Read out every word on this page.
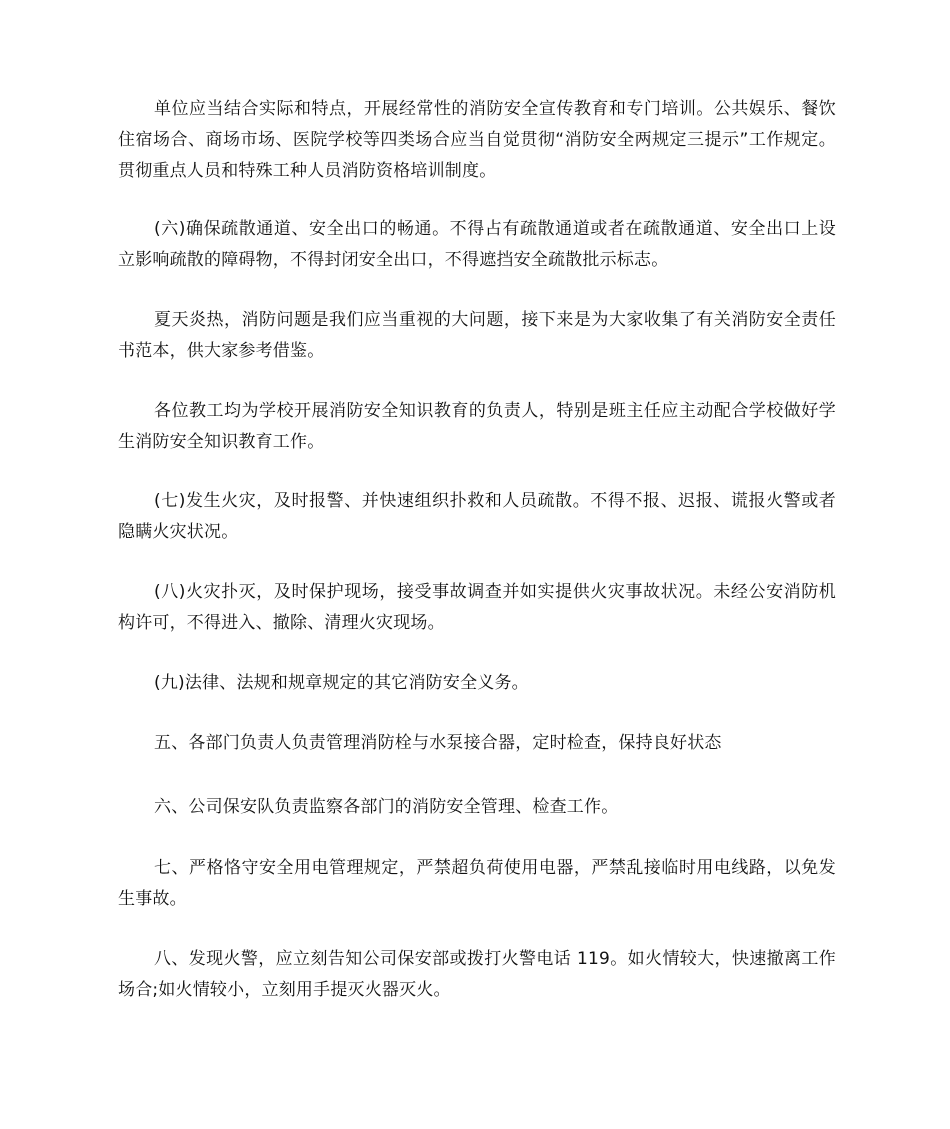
单位应当结合实际和特点，开展经常性的消防安全宣传教育和专门培训。公共娱乐、餐饮住宿场合、商场市场、医院学校等四类场合应当自觉贯彻“消防安全两规定三提示”工作规定。贯彻重点人员和特殊工种人员消防资格培训制度。

(六)确保疏散通道、安全出口的畅通。不得占有疏散通道或者在疏散通道、安全出口上设立影响疏散的障碍物，不得封闭安全出口，不得遮挡安全疏散批示标志。

夏天炎热，消防问题是我们应当重视的大问题，接下来是为大家收集了有关消防安全责任书范本，供大家参考借鉴。

各位教工均为学校开展消防安全知识教育的负责人，特别是班主任应主动配合学校做好学生消防安全知识教育工作。

(七)发生火灾，及时报警、并快速组织扑救和人员疏散。不得不报、迟报、谎报火警或者隐瞒火灾状况。

(八)火灾扑灭，及时保护现场，接受事故调查并如实提供火灾事故状况。未经公安消防机构许可，不得进入、撤除、清理火灾现场。

(九)法律、法规和规章规定的其它消防安全义务。

五、各部门负责人负责管理消防栓与水泵接合器，定时检查，保持良好状态

六、公司保安队负责监察各部门的消防安全管理、检查工作。

七、严格恪守安全用电管理规定，严禁超负荷使用电器，严禁乱接临时用电线路，以免发生事故。

八、发现火警，应立刻告知公司保安部或拨打火警电话 119。如火情较大，快速撤离工作场合;如火情较小，立刻用手提灭火器灭火。
